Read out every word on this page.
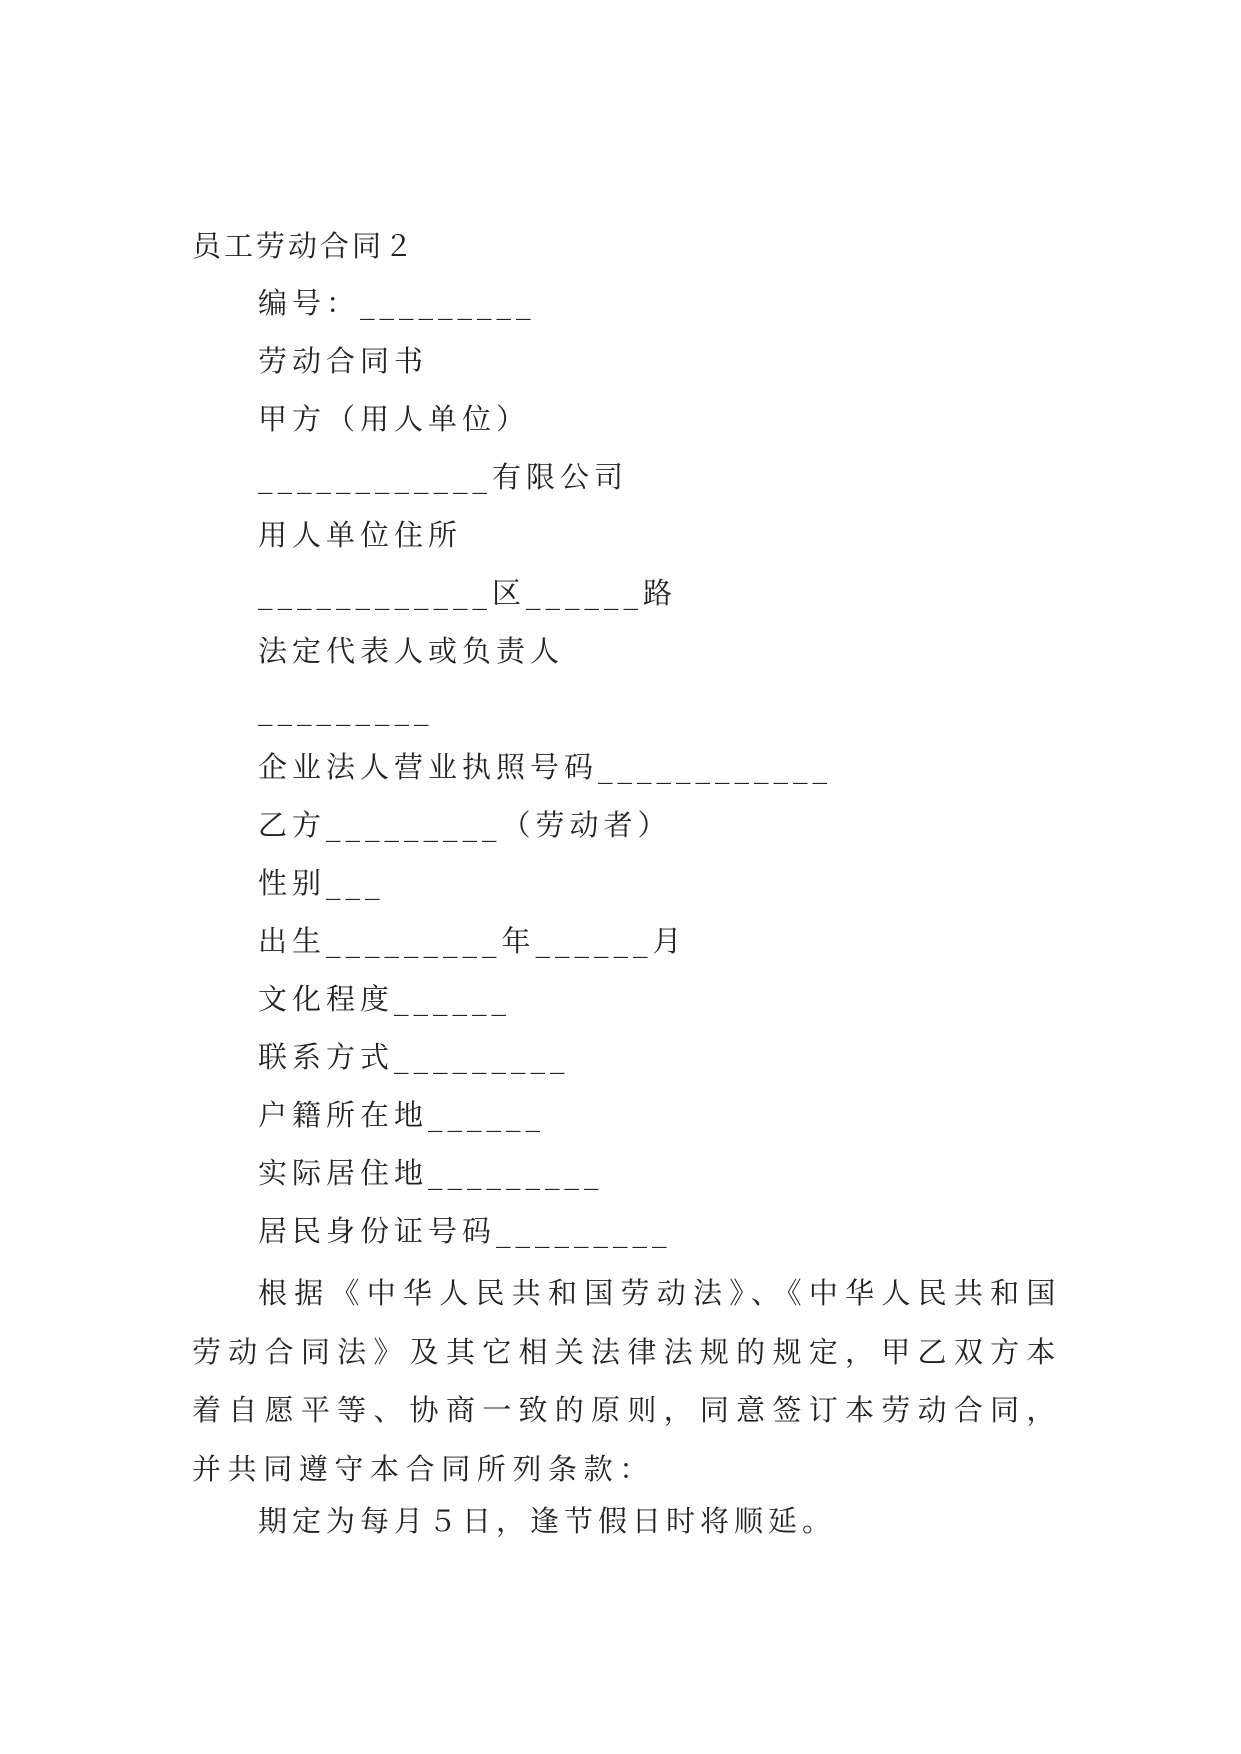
员工劳动合同２
编号：_________
劳动合同书
甲方（用人单位）
____________有限公司
用人单位住所
____________区______路
法定代表人或负责人
_________
企业法人营业执照号码____________
乙方_________（劳动者）
性别___
出生_________年______月
文化程度______
联系方式_________
户籍所在地______
实际居住地_________
居民身份证号码_________
根据《中华人民共和国劳动法》、《中华人民共和国劳动合同法》及其它相关法律法规的规定，甲乙双方本着自愿平等、协商一致的原则，同意签订本劳动合同，并共同遵守本合同所列条款：
期定为每月５日，逢节假日时将顺延。
